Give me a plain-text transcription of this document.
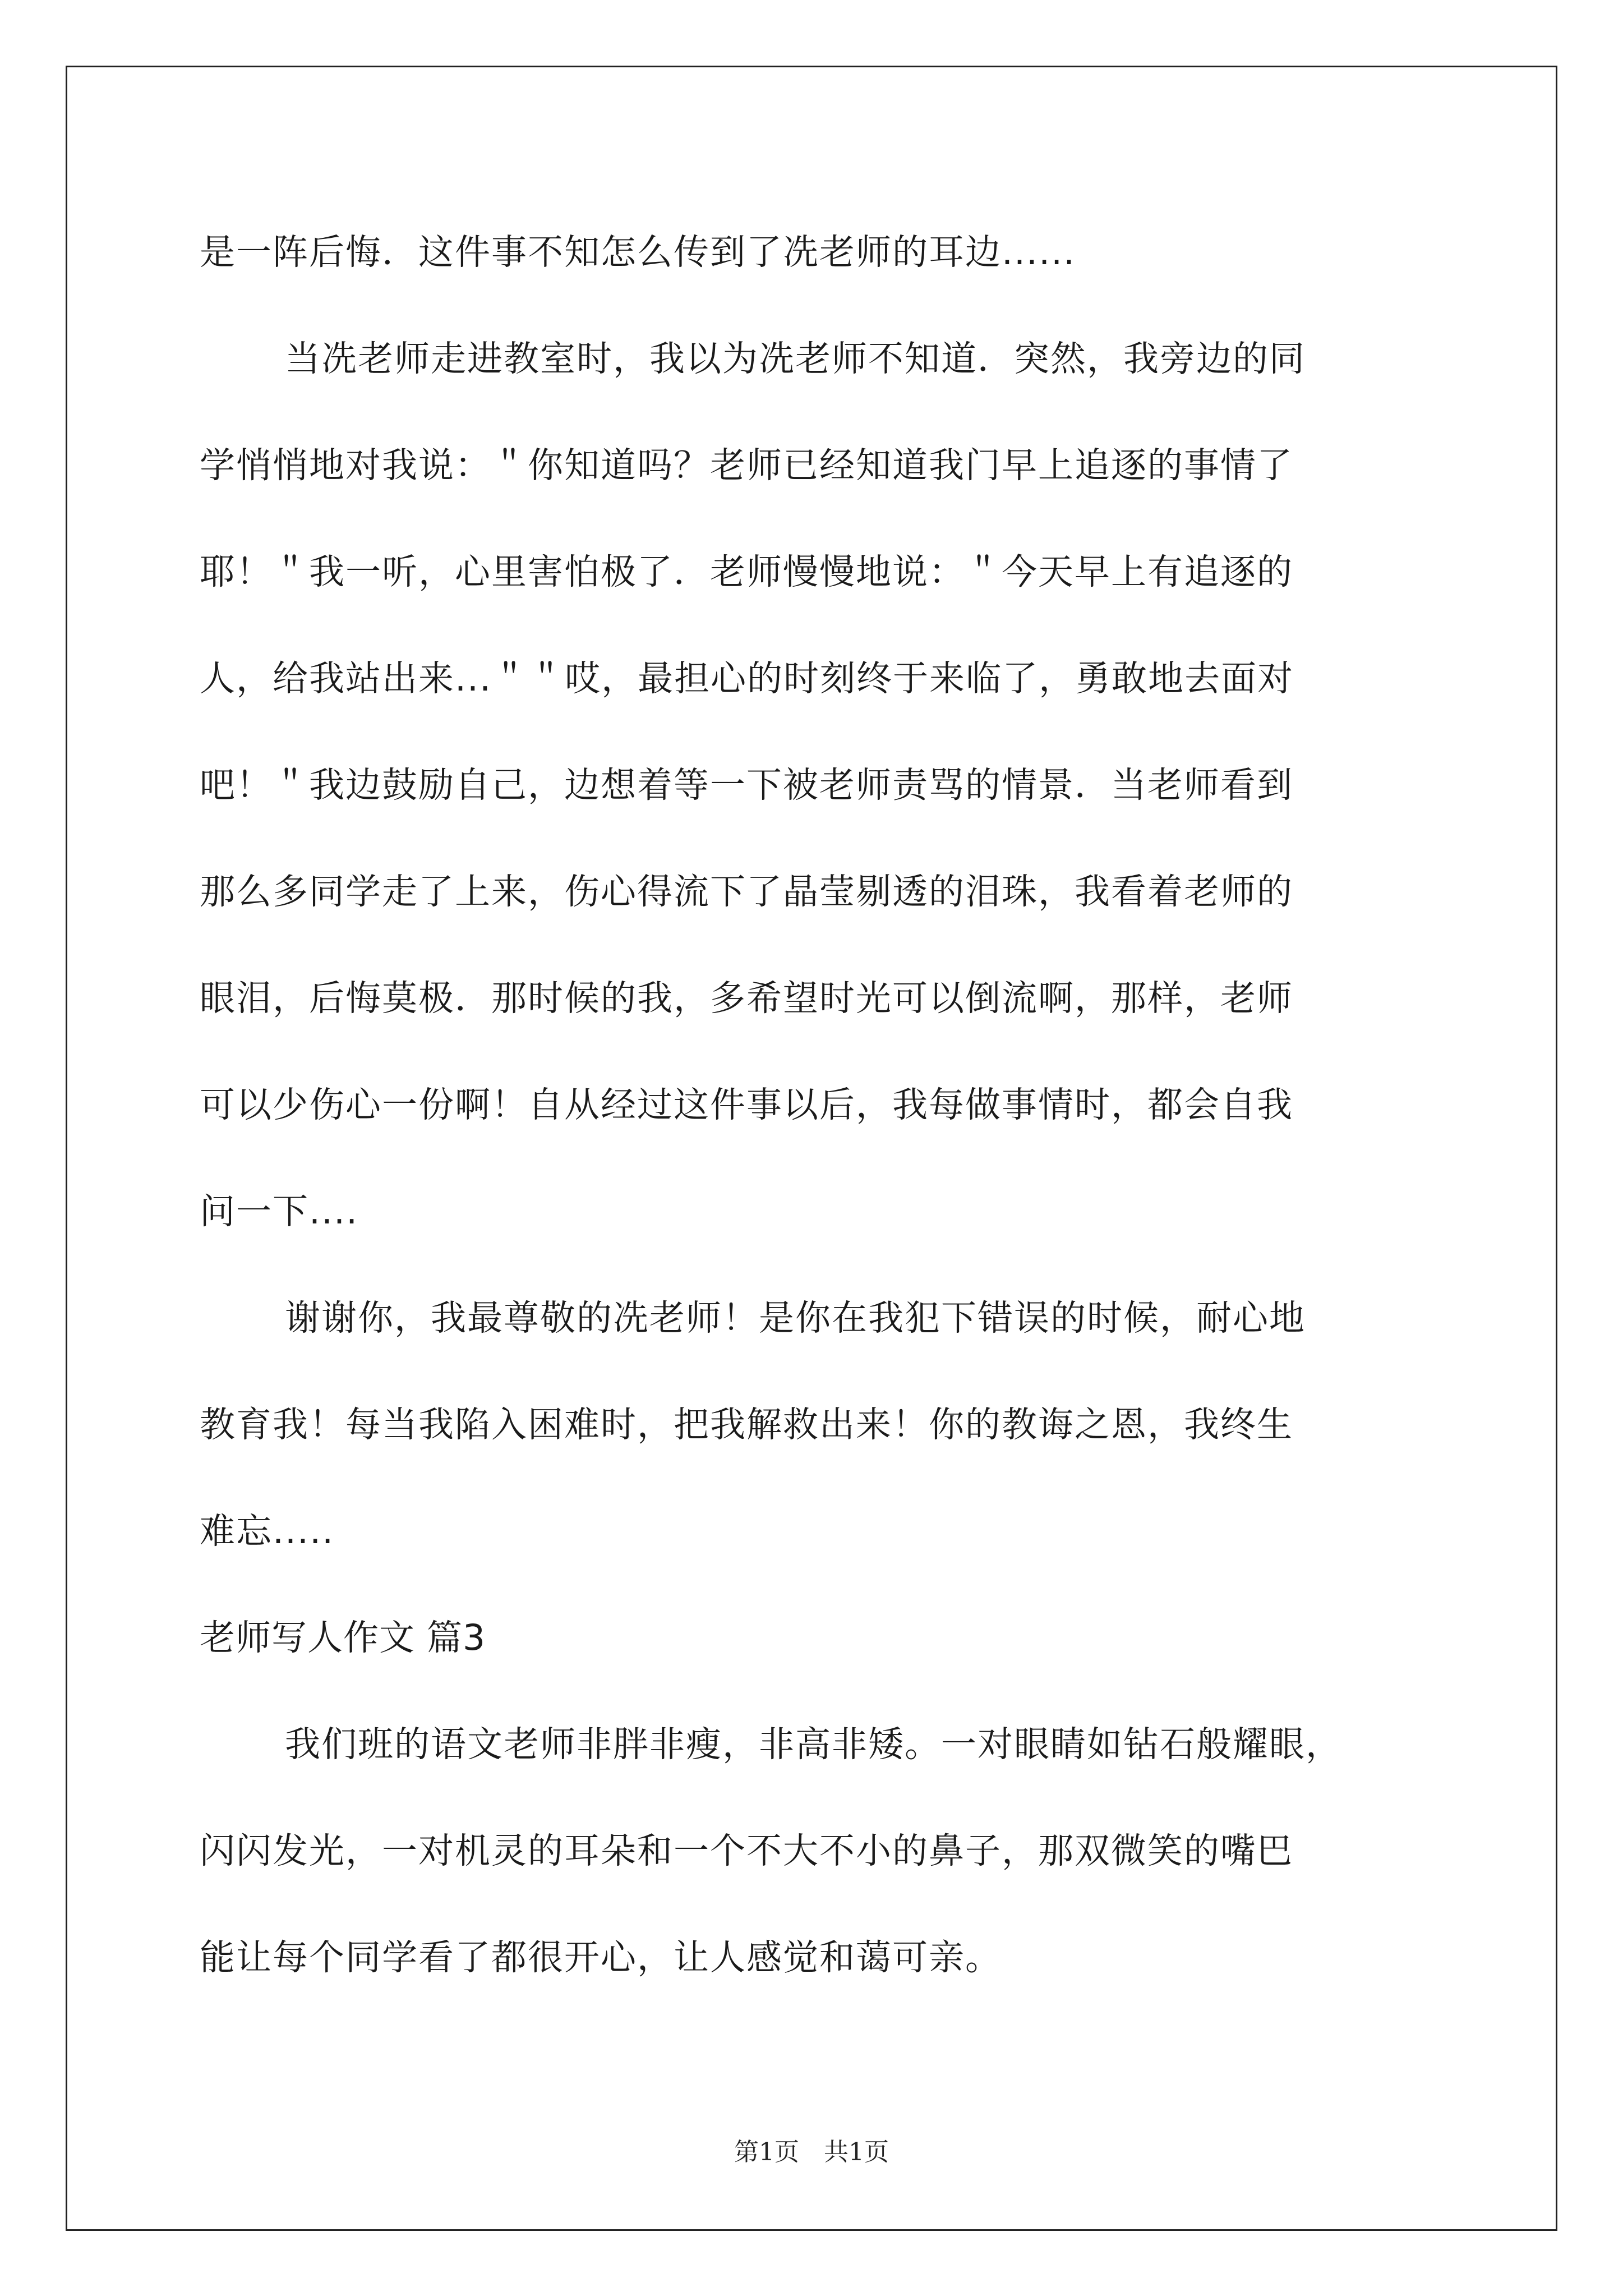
是一阵后悔．这件事不知怎么传到了冼老师的耳边......
当冼老师走进教室时，我以为冼老师不知道．突然，我旁边的同
学悄悄地对我说：＂你知道吗？老师已经知道我门早上追逐的事情了
耶！＂我一听，心里害怕极了．老师慢慢地说：＂今天早上有追逐的
人，给我站出来...＂＂哎，最担心的时刻终于来临了，勇敢地去面对
吧！＂我边鼓励自己，边想着等一下被老师责骂的情景．当老师看到
那么多同学走了上来，伤心得流下了晶莹剔透的泪珠，我看着老师的
眼泪，后悔莫极．那时候的我，多希望时光可以倒流啊，那样，老师
可以少伤心一份啊！自从经过这件事以后，我每做事情时，都会自我
问一下....
谢谢你，我最尊敬的冼老师！是你在我犯下错误的时候，耐心地
教育我！每当我陷入困难时，把我解救出来！你的教诲之恩，我终生
难忘.....
老师写人作文 篇3
我们班的语文老师非胖非瘦，非高非矮。一对眼睛如钻石般耀眼，
闪闪发光，一对机灵的耳朵和一个不大不小的鼻子，那双微笑的嘴巴
能让每个同学看了都很开心，让人感觉和蔼可亲。
第1页　共1页
